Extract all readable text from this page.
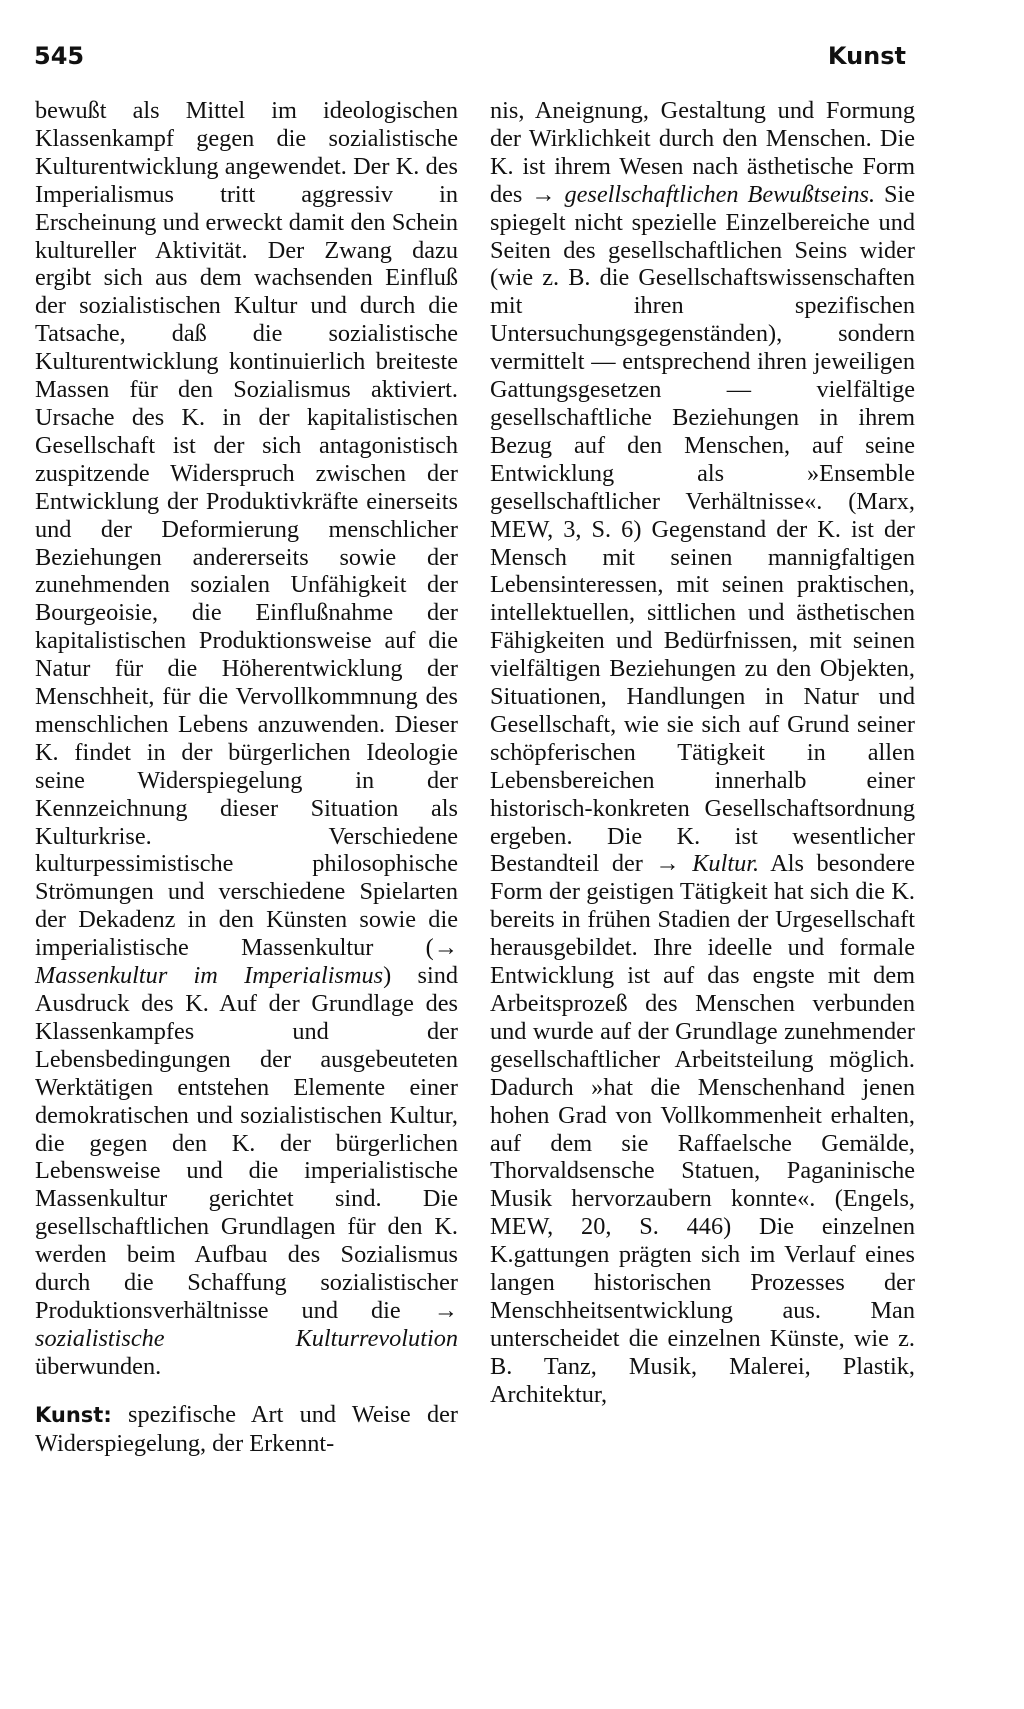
545	Kunst

bewußt als Mittel im ideologischen Klassenkampf gegen die sozialistische Kulturentwicklung angewendet. Der K. des Imperialismus tritt aggressiv in Erscheinung und erweckt damit den Schein kultureller Aktivität. Der Zwang dazu ergibt sich aus dem wachsenden Einfluß der sozialistischen Kultur und durch die Tatsache, daß die sozialistische Kulturentwicklung kontinuierlich breiteste Massen für den Sozialismus aktiviert. Ursache des K. in der kapitalistischen Gesellschaft ist der sich antagonistisch zuspitzende Widerspruch zwischen der Entwicklung der Produktivkräfte einerseits und der Deformierung menschlicher Beziehungen andererseits sowie der zunehmenden sozialen Unfähigkeit der Bourgeoisie, die Einflußnahme der kapitalistischen Produktionsweise auf die Natur für die Höherentwicklung der Menschheit, für die Vervollkommnung des menschlichen Lebens anzuwenden. Dieser K. findet in der bürgerlichen Ideologie seine Widerspiegelung in der Kennzeichnung dieser Situation als Kulturkrise. Verschiedene kulturpessimistische philosophische Strömungen und verschiedene Spielarten der Dekadenz in den Künsten sowie die imperialistische Massenkultur (→ Massenkultur im Imperialismus) sind Ausdruck des K. Auf der Grundlage des Klassenkampfes und der Lebensbedingungen der ausgebeuteten Werktätigen entstehen Elemente einer demokratischen und sozialistischen Kultur, die gegen den K. der bürgerlichen Lebensweise und die imperialistische Massenkultur gerichtet sind. Die gesellschaftlichen Grundlagen für den K. werden beim Aufbau des Sozialismus durch die Schaffung sozialistischer Produktionsverhältnisse und die → sozialistische Kulturrevolution überwunden.

Kunst: spezifische Art und Weise der Widerspiegelung, der Erkennt-

nis, Aneignung, Gestaltung und Formung der Wirklichkeit durch den Menschen. Die K. ist ihrem Wesen nach ästhetische Form des → gesellschaftlichen Bewußtseins. Sie spiegelt nicht spezielle Einzelbereiche und Seiten des gesellschaftlichen Seins wider (wie z. B. die Gesellschaftswissenschaften mit ihren spezifischen Untersuchungsgegenständen), sondern vermittelt — entsprechend ihren jeweiligen Gattungsgesetzen — vielfältige gesellschaftliche Beziehungen in ihrem Bezug auf den Menschen, auf seine Entwicklung als »Ensemble gesellschaftlicher Verhältnisse«. (Marx, MEW, 3, S. 6) Gegenstand der K. ist der Mensch mit seinen mannigfaltigen Lebensinteressen, mit seinen praktischen, intellektuellen, sittlichen und ästhetischen Fähigkeiten und Bedürfnissen, mit seinen vielfältigen Beziehungen zu den Objekten, Situationen, Handlungen in Natur und Gesellschaft, wie sie sich auf Grund seiner schöpferischen Tätigkeit in allen Lebensbereichen innerhalb einer historisch-konkreten Gesellschaftsordnung ergeben. Die K. ist wesentlicher Bestandteil der → Kultur. Als besondere Form der geistigen Tätigkeit hat sich die K. bereits in frühen Stadien der Urgesellschaft herausgebildet. Ihre ideelle und formale Entwicklung ist auf das engste mit dem Arbeitsprozeß des Menschen verbunden und wurde auf der Grundlage zunehmender gesellschaftlicher Arbeitsteilung möglich. Dadurch »hat die Menschenhand jenen hohen Grad von Vollkommenheit erhalten, auf dem sie Raffaelsche Gemälde, Thorvaldsensche Statuen, Paganinische Musik hervorzaubern konnte«. (Engels, MEW, 20, S. 446) Die einzelnen K.gattungen prägten sich im Verlauf eines langen historischen Prozesses der Menschheitsentwicklung aus. Man unterscheidet die einzelnen Künste, wie z. B. Tanz, Musik, Malerei, Plastik, Architektur,
